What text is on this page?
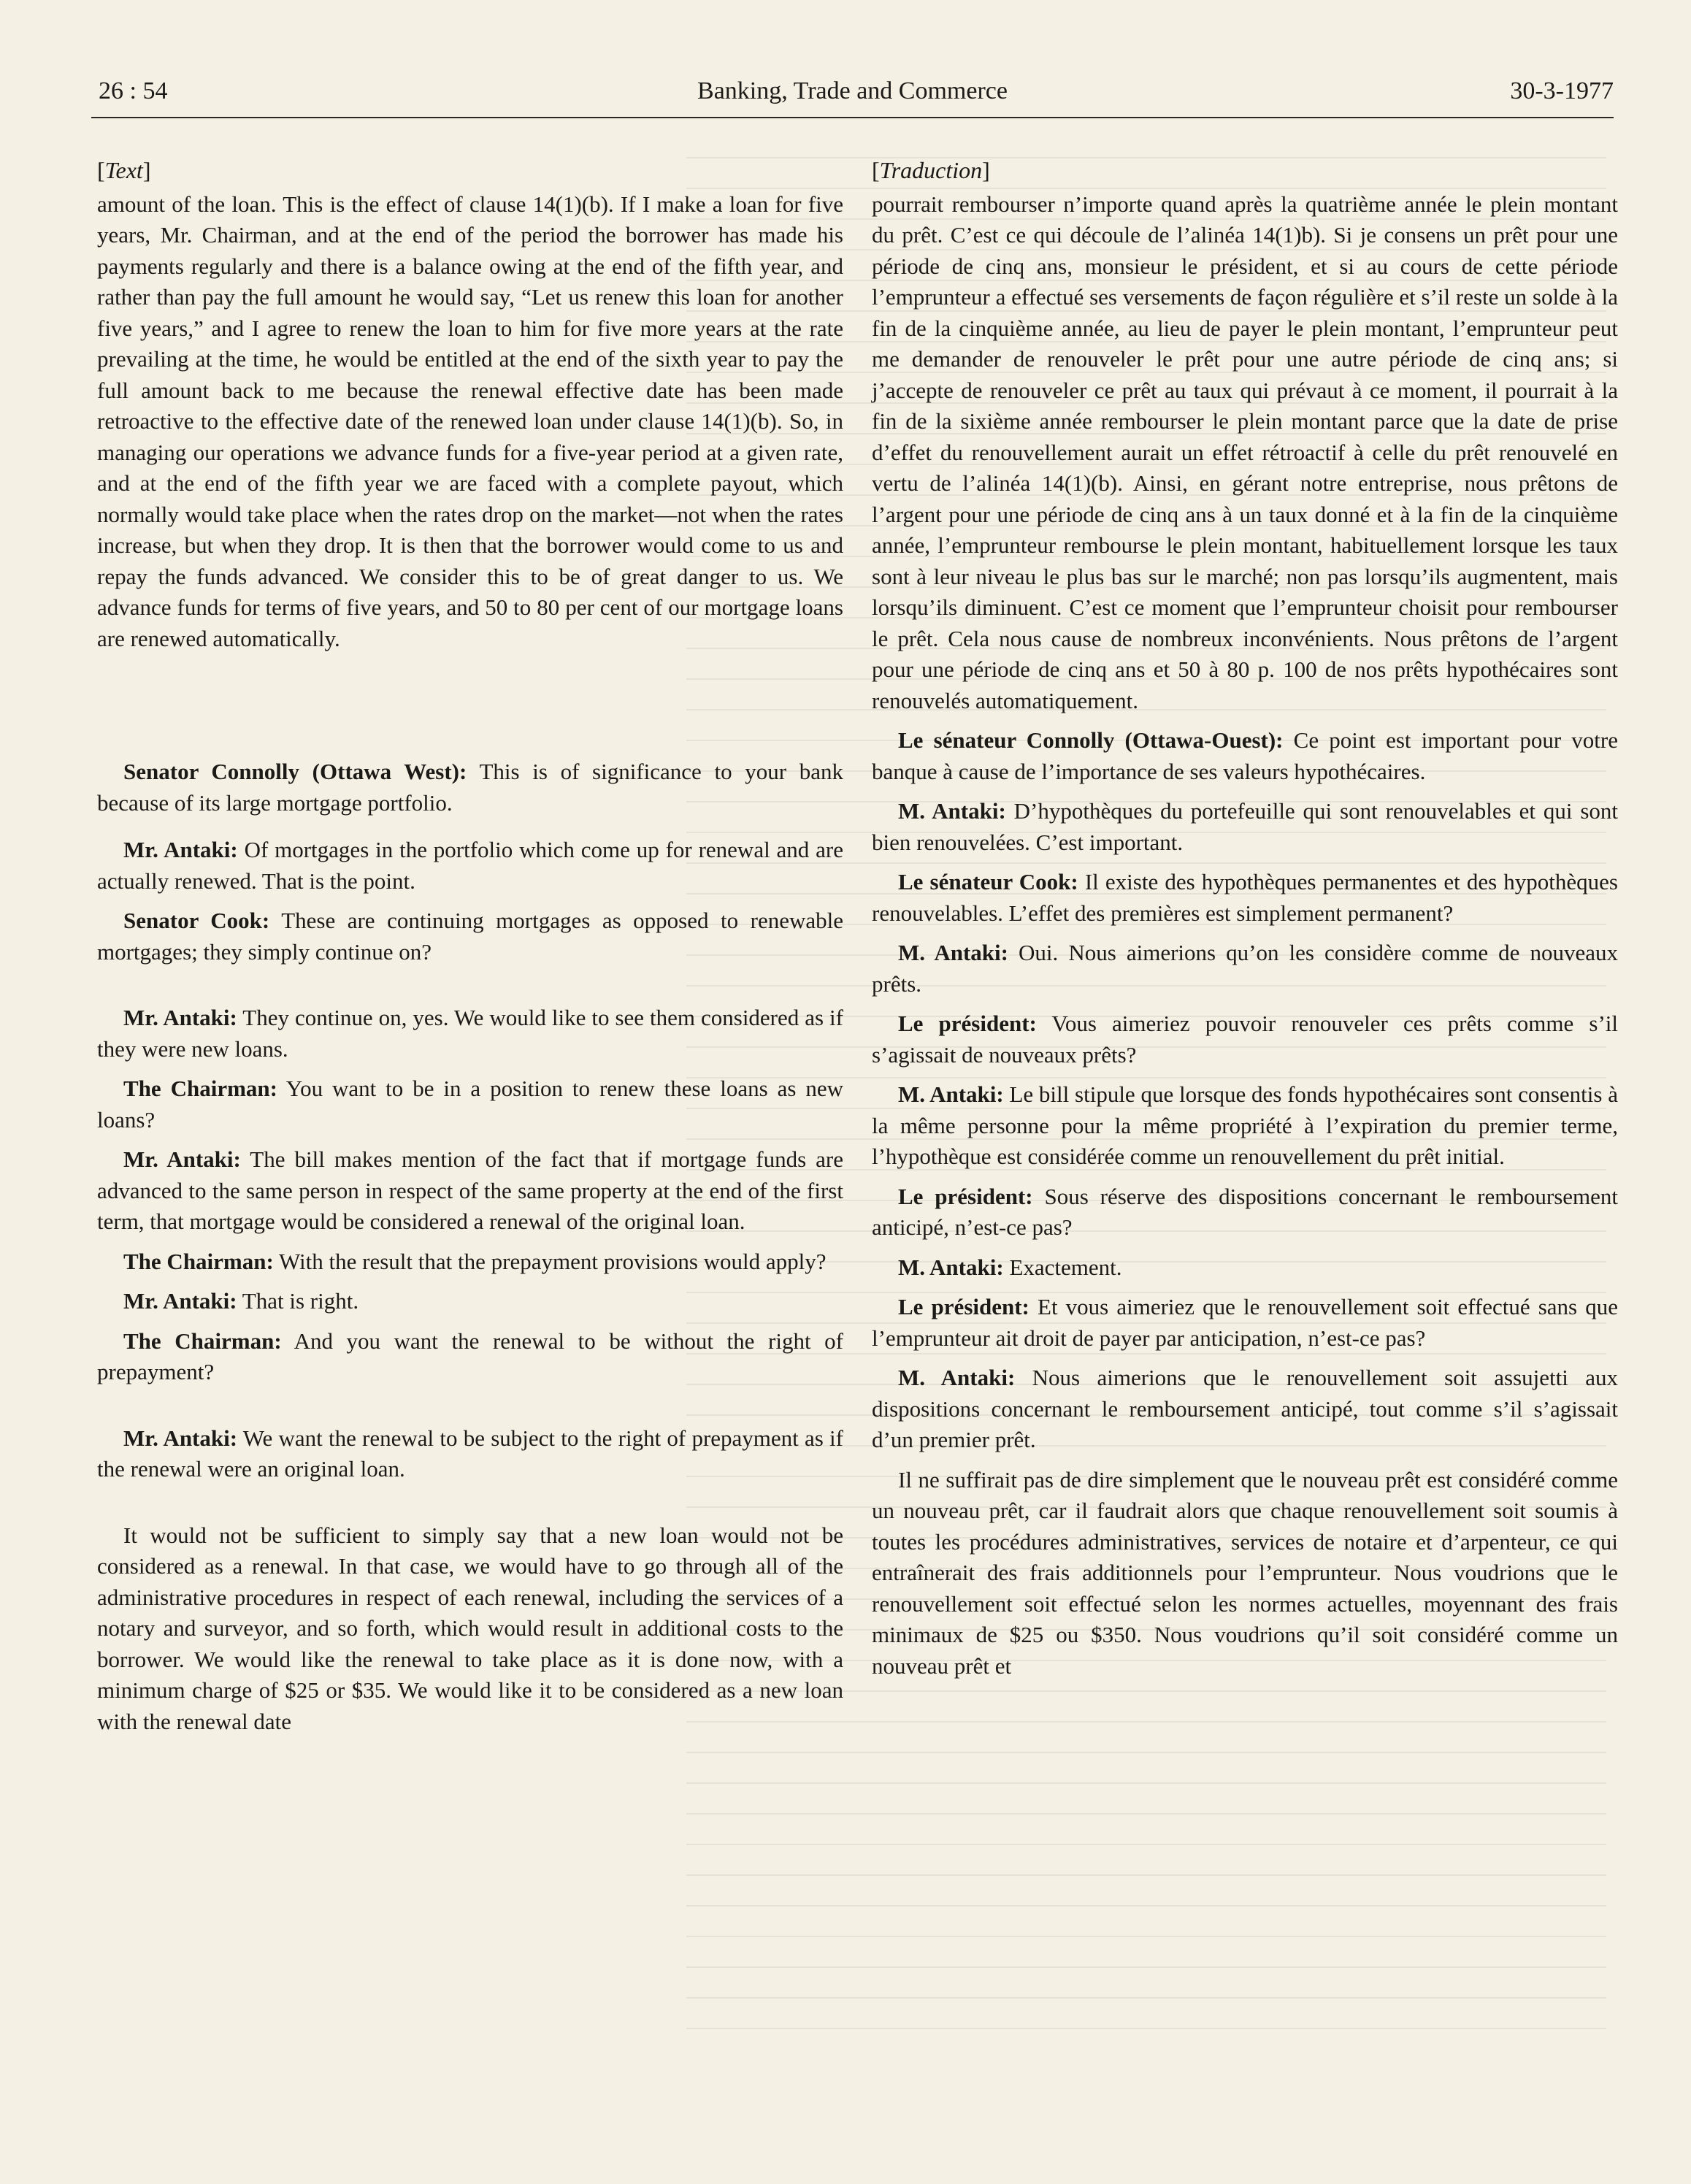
26 : 54	Banking, Trade and Commerce	30-3-1977
[Text]

amount of the loan. This is the effect of clause 14(1)(b). If I make a loan for five years, Mr. Chairman, and at the end of the period the borrower has made his payments regularly and there is a balance owing at the end of the fifth year, and rather than pay the full amount he would say, “Let us renew this loan for another five years,” and I agree to renew the loan to him for five more years at the rate prevailing at the time, he would be entitled at the end of the sixth year to pay the full amount back to me because the renewal effective date has been made retroactive to the effective date of the renewed loan under clause 14(1)(b). So, in managing our operations we advance funds for a five-year period at a given rate, and at the end of the fifth year we are faced with a complete payout, which normally would take place when the rates drop on the market—not when the rates increase, but when they drop. It is then that the borrower would come to us and repay the funds advanced. We consider this to be of great danger to us. We advance funds for terms of five years, and 50 to 80 per cent of our mortgage loans are renewed automatically.

Senator Connolly (Ottawa West): This is of significance to your bank because of its large mortgage portfolio.

Mr. Antaki: Of mortgages in the portfolio which come up for renewal and are actually renewed. That is the point.

Senator Cook: These are continuing mortgages as opposed to renewable mortgages; they simply continue on?

Mr. Antaki: They continue on, yes. We would like to see them considered as if they were new loans.

The Chairman: You want to be in a position to renew these loans as new loans?

Mr. Antaki: The bill makes mention of the fact that if mortgage funds are advanced to the same person in respect of the same property at the end of the first term, that mortgage would be considered a renewal of the original loan.

The Chairman: With the result that the prepayment provisions would apply?

Mr. Antaki: That is right.

The Chairman: And you want the renewal to be without the right of prepayment?

Mr. Antaki: We want the renewal to be subject to the right of prepayment as if the renewal were an original loan.

It would not be sufficient to simply say that a new loan would not be considered as a renewal. In that case, we would have to go through all of the administrative procedures in respect of each renewal, including the services of a notary and surveyor, and so forth, which would result in additional costs to the borrower. We would like the renewal to take place as it is done now, with a minimum charge of $25 or $35. We would like it to be considered as a new loan with the renewal date

[Traduction]

pourrait rembourser n’importe quand après la quatrième année le plein montant du prêt. C’est ce qui découle de l’alinéa 14(1)b). Si je consens un prêt pour une période de cinq ans, monsieur le président, et si au cours de cette période l’emprunteur a effectué ses versements de façon régulière et s’il reste un solde à la fin de la cinquième année, au lieu de payer le plein montant, l’emprunteur peut me demander de renouveler le prêt pour une autre période de cinq ans; si j’accepte de renouveler ce prêt au taux qui prévaut à ce moment, il pourrait à la fin de la sixième année rembourser le plein montant parce que la date de prise d’effet du renouvellement aurait un effet rétroactif à celle du prêt renouvelé en vertu de l’alinéa 14(1)(b). Ainsi, en gérant notre entreprise, nous prêtons de l’argent pour une période de cinq ans à un taux donné et à la fin de la cinquième année, l’emprunteur rembourse le plein montant, habituellement lorsque les taux sont à leur niveau le plus bas sur le marché; non pas lorsqu’ils augmentent, mais lorsqu’ils diminuent. C’est ce moment que l’emprunteur choisit pour rembourser le prêt. Cela nous cause de nombreux inconvénients. Nous prêtons de l’argent pour une période de cinq ans et 50 à 80 p. 100 de nos prêts hypothécaires sont renouvelés automatiquement.

Le sénateur Connolly (Ottawa-Ouest): Ce point est important pour votre banque à cause de l’importance de ses valeurs hypothécaires.

M. Antaki: D’hypothèques du portefeuille qui sont renouvelables et qui sont bien renouvelées. C’est important.

Le sénateur Cook: Il existe des hypothèques permanentes et des hypothèques renouvelables. L’effet des premières est simplement permanent?

M. Antaki: Oui. Nous aimerions qu’on les considère comme de nouveaux prêts.

Le président: Vous aimeriez pouvoir renouveler ces prêts comme s’il s’agissait de nouveaux prêts?

M. Antaki: Le bill stipule que lorsque des fonds hypothécaires sont consentis à la même personne pour la même propriété à l’expiration du premier terme, l’hypothèque est considérée comme un renouvellement du prêt initial.

Le président: Sous réserve des dispositions concernant le remboursement anticipé, n’est-ce pas?

M. Antaki: Exactement.

Le président: Et vous aimeriez que le renouvellement soit effectué sans que l’emprunteur ait droit de payer par anticipation, n’est-ce pas?

M. Antaki: Nous aimerions que le renouvellement soit assujetti aux dispositions concernant le remboursement anticipé, tout comme s’il s’agissait d’un premier prêt.

Il ne suffirait pas de dire simplement que le nouveau prêt est considéré comme un nouveau prêt, car il faudrait alors que chaque renouvellement soit soumis à toutes les procédures administratives, services de notaire et d’arpenteur, ce qui entraînerait des frais additionnels pour l’emprunteur. Nous voudrions que le renouvellement soit effectué selon les normes actuelles, moyennant des frais minimaux de $25 ou $350. Nous voudrions qu’il soit considéré comme un nouveau prêt et
